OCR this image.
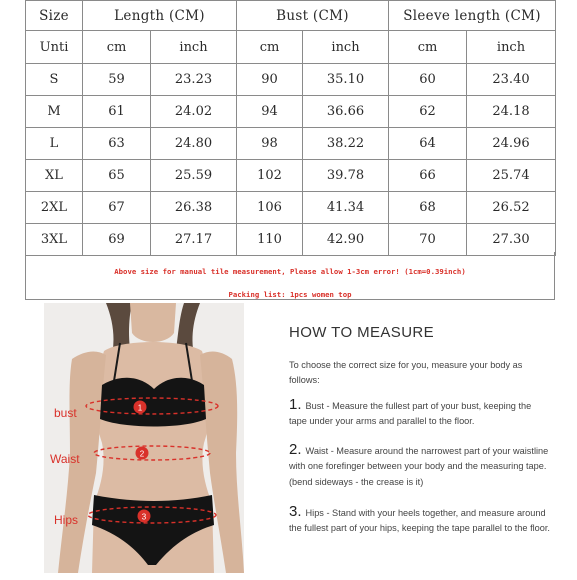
Size	Length (CM)		Bust (CM)		Sleeve length (CM)	
Unti	cm	inch	cm	inch	cm	inch
S	59	23.23	90	35.10	60	23.40
M	61	24.02	94	36.66	62	24.18
L	63	24.80	98	38.22	64	24.96
XL	65	25.59	102	39.78	66	25.74
2XL	67	26.38	106	41.34	68	26.52
3XL	69	27.17	110	42.90	70	27.30
Above size for manual tile measurement, Please allow 1-3cm error! (1cm=0.39inch)
Packing list: 1pcs women top
1
2
3
bust
Waist
Hips
HOW TO MEASURE
To choose the correct size for you, measure your body as follows:
1. Bust - Measure the fullest part of your bust, keeping the tape under your arms and parallel to the floor.
2. Waist - Measure around the narrowest part of your waistline with one forefinger between your body and the measuring tape.(bend sideways - the crease is it)
3. Hips - Stand with your heels together, and measure around the fullest part of your hips, keeping the tape parallel to the floor.
